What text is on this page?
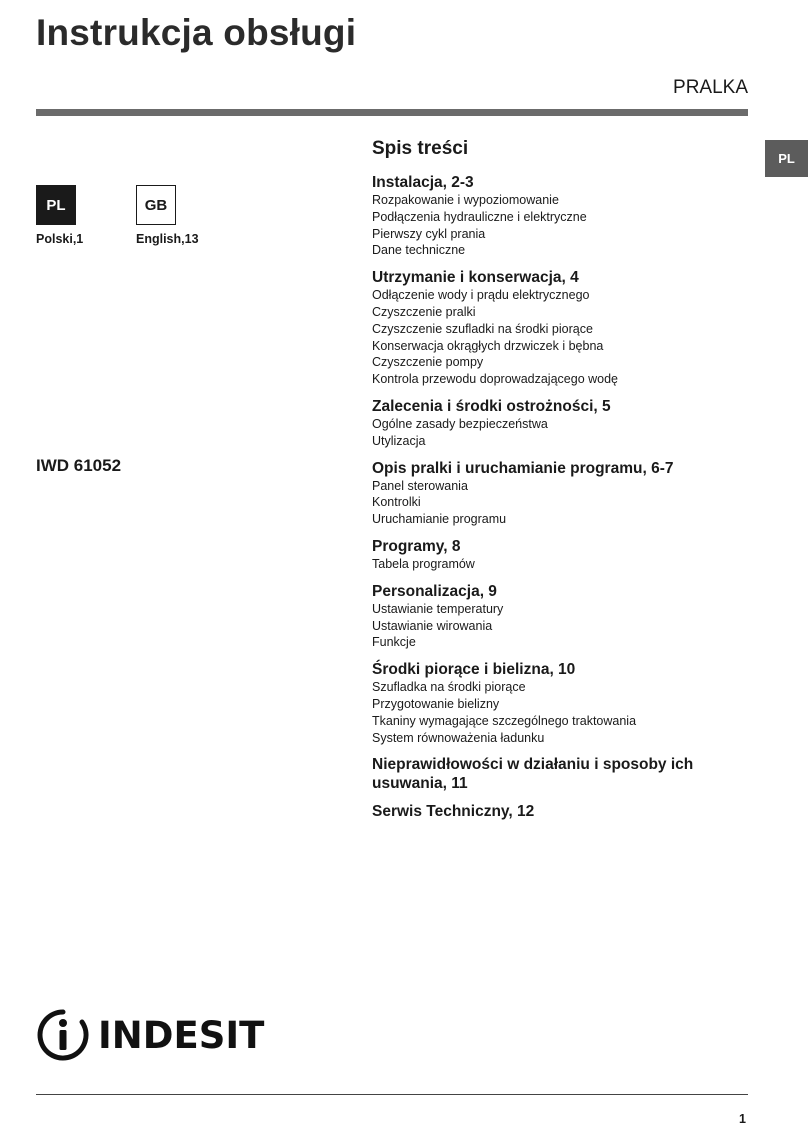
Instrukcja obsługi
PRALKA
PL
PL	GB
Polski,1	English,13
IWD 61052
Spis treści
Instalacja, 2-3
Rozpakowanie i wypoziomowanie
Podłączenia hydrauliczne i elektryczne
Pierwszy cykl prania
Dane techniczne
Utrzymanie i konserwacja, 4
Odłączenie wody i prądu elektrycznego
Czyszczenie pralki
Czyszczenie szufladki na środki piorące
Konserwacja okrągłych drzwiczek i bębna
Czyszczenie pompy
Kontrola przewodu doprowadzającego wodę
Zalecenia i środki ostrożności, 5
Ogólne zasady bezpieczeństwa
Utylizacja
Opis pralki i uruchamianie programu, 6-7
Panel sterowania
Kontrolki
Uruchamianie programu
Programy, 8
Tabela programów
Personalizacja, 9
Ustawianie temperatury
Ustawianie wirowania
Funkcje
Środki piorące i bielizna, 10
Szufladka na środki piorące
Przygotowanie bielizny
Tkaniny wymagające szczególnego traktowania
System równoważenia ładunku
Nieprawidłowości w działaniu i sposoby ich usuwania, 11
Serwis Techniczny, 12
INDESIT
1
